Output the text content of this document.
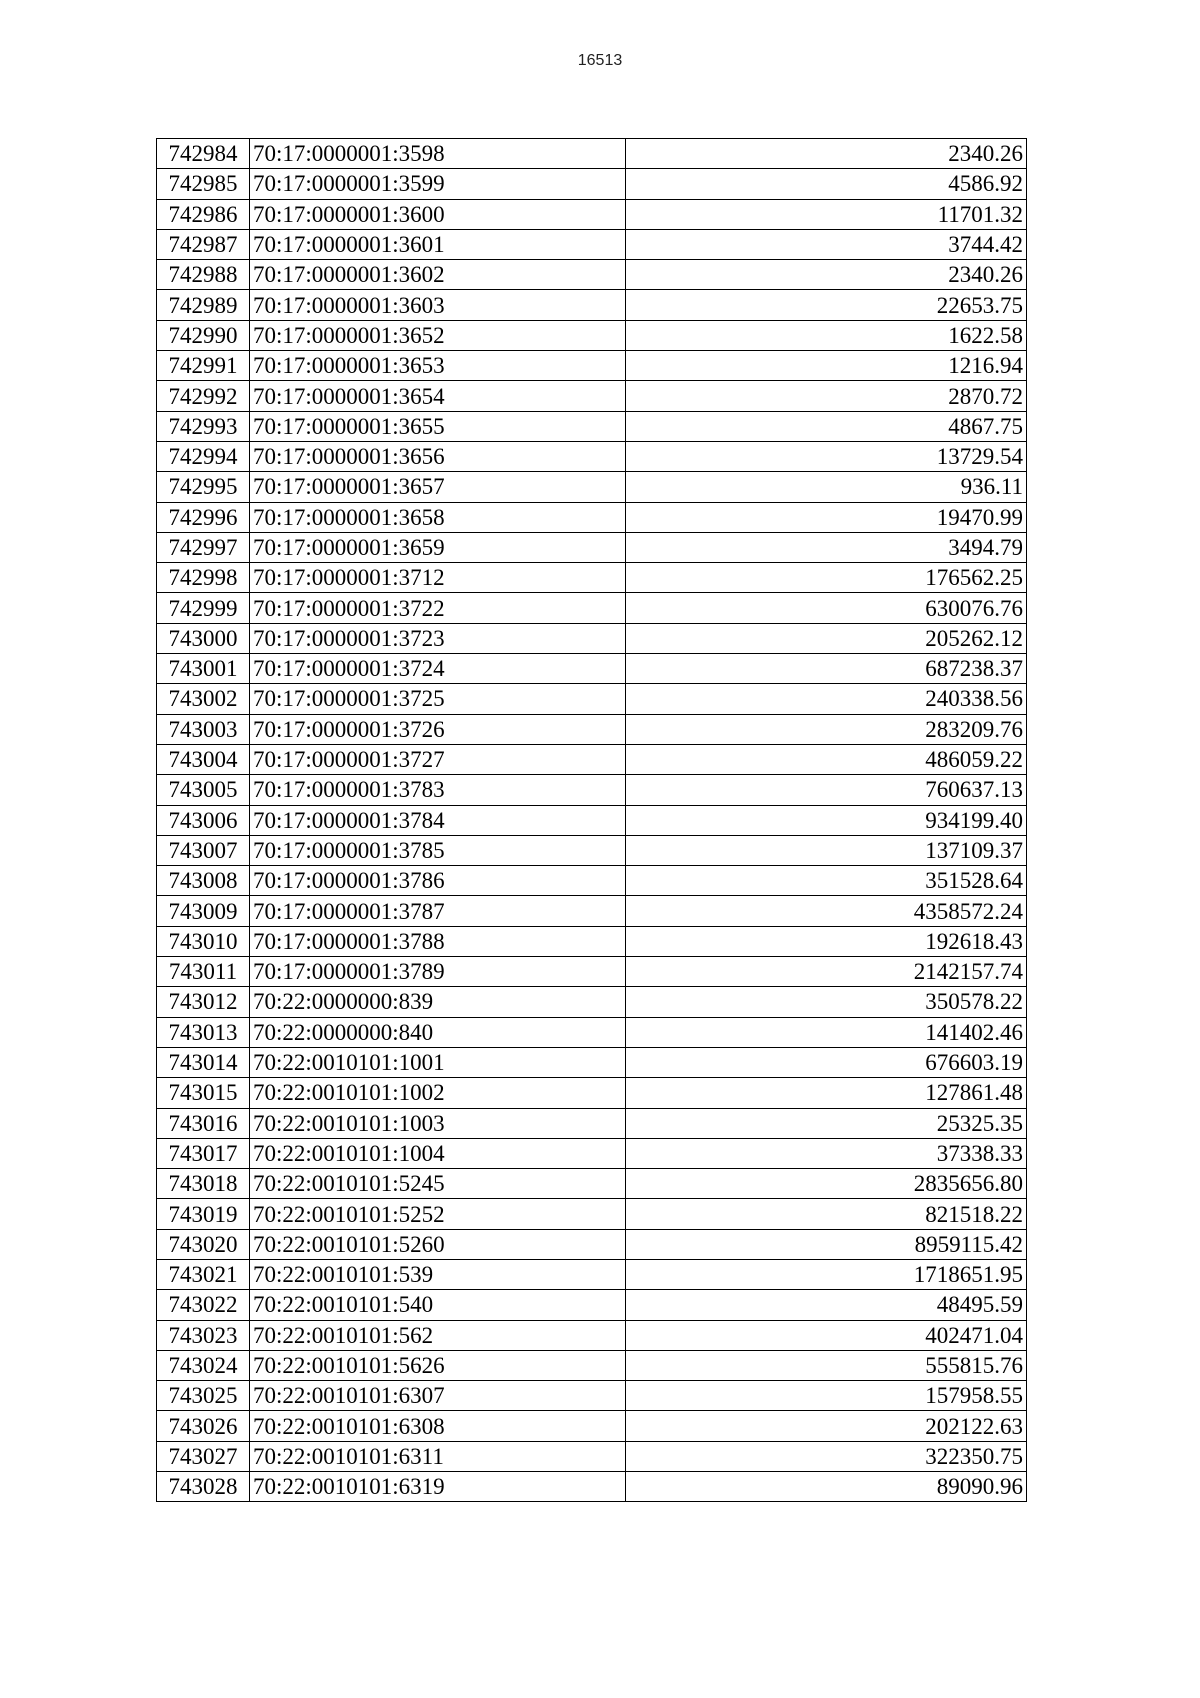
16513
742984	70:17:0000001:3598	2340.26
742985	70:17:0000001:3599	4586.92
742986	70:17:0000001:3600	11701.32
742987	70:17:0000001:3601	3744.42
742988	70:17:0000001:3602	2340.26
742989	70:17:0000001:3603	22653.75
742990	70:17:0000001:3652	1622.58
742991	70:17:0000001:3653	1216.94
742992	70:17:0000001:3654	2870.72
742993	70:17:0000001:3655	4867.75
742994	70:17:0000001:3656	13729.54
742995	70:17:0000001:3657	936.11
742996	70:17:0000001:3658	19470.99
742997	70:17:0000001:3659	3494.79
742998	70:17:0000001:3712	176562.25
742999	70:17:0000001:3722	630076.76
743000	70:17:0000001:3723	205262.12
743001	70:17:0000001:3724	687238.37
743002	70:17:0000001:3725	240338.56
743003	70:17:0000001:3726	283209.76
743004	70:17:0000001:3727	486059.22
743005	70:17:0000001:3783	760637.13
743006	70:17:0000001:3784	934199.40
743007	70:17:0000001:3785	137109.37
743008	70:17:0000001:3786	351528.64
743009	70:17:0000001:3787	4358572.24
743010	70:17:0000001:3788	192618.43
743011	70:17:0000001:3789	2142157.74
743012	70:22:0000000:839	350578.22
743013	70:22:0000000:840	141402.46
743014	70:22:0010101:1001	676603.19
743015	70:22:0010101:1002	127861.48
743016	70:22:0010101:1003	25325.35
743017	70:22:0010101:1004	37338.33
743018	70:22:0010101:5245	2835656.80
743019	70:22:0010101:5252	821518.22
743020	70:22:0010101:5260	8959115.42
743021	70:22:0010101:539	1718651.95
743022	70:22:0010101:540	48495.59
743023	70:22:0010101:562	402471.04
743024	70:22:0010101:5626	555815.76
743025	70:22:0010101:6307	157958.55
743026	70:22:0010101:6308	202122.63
743027	70:22:0010101:6311	322350.75
743028	70:22:0010101:6319	89090.96
